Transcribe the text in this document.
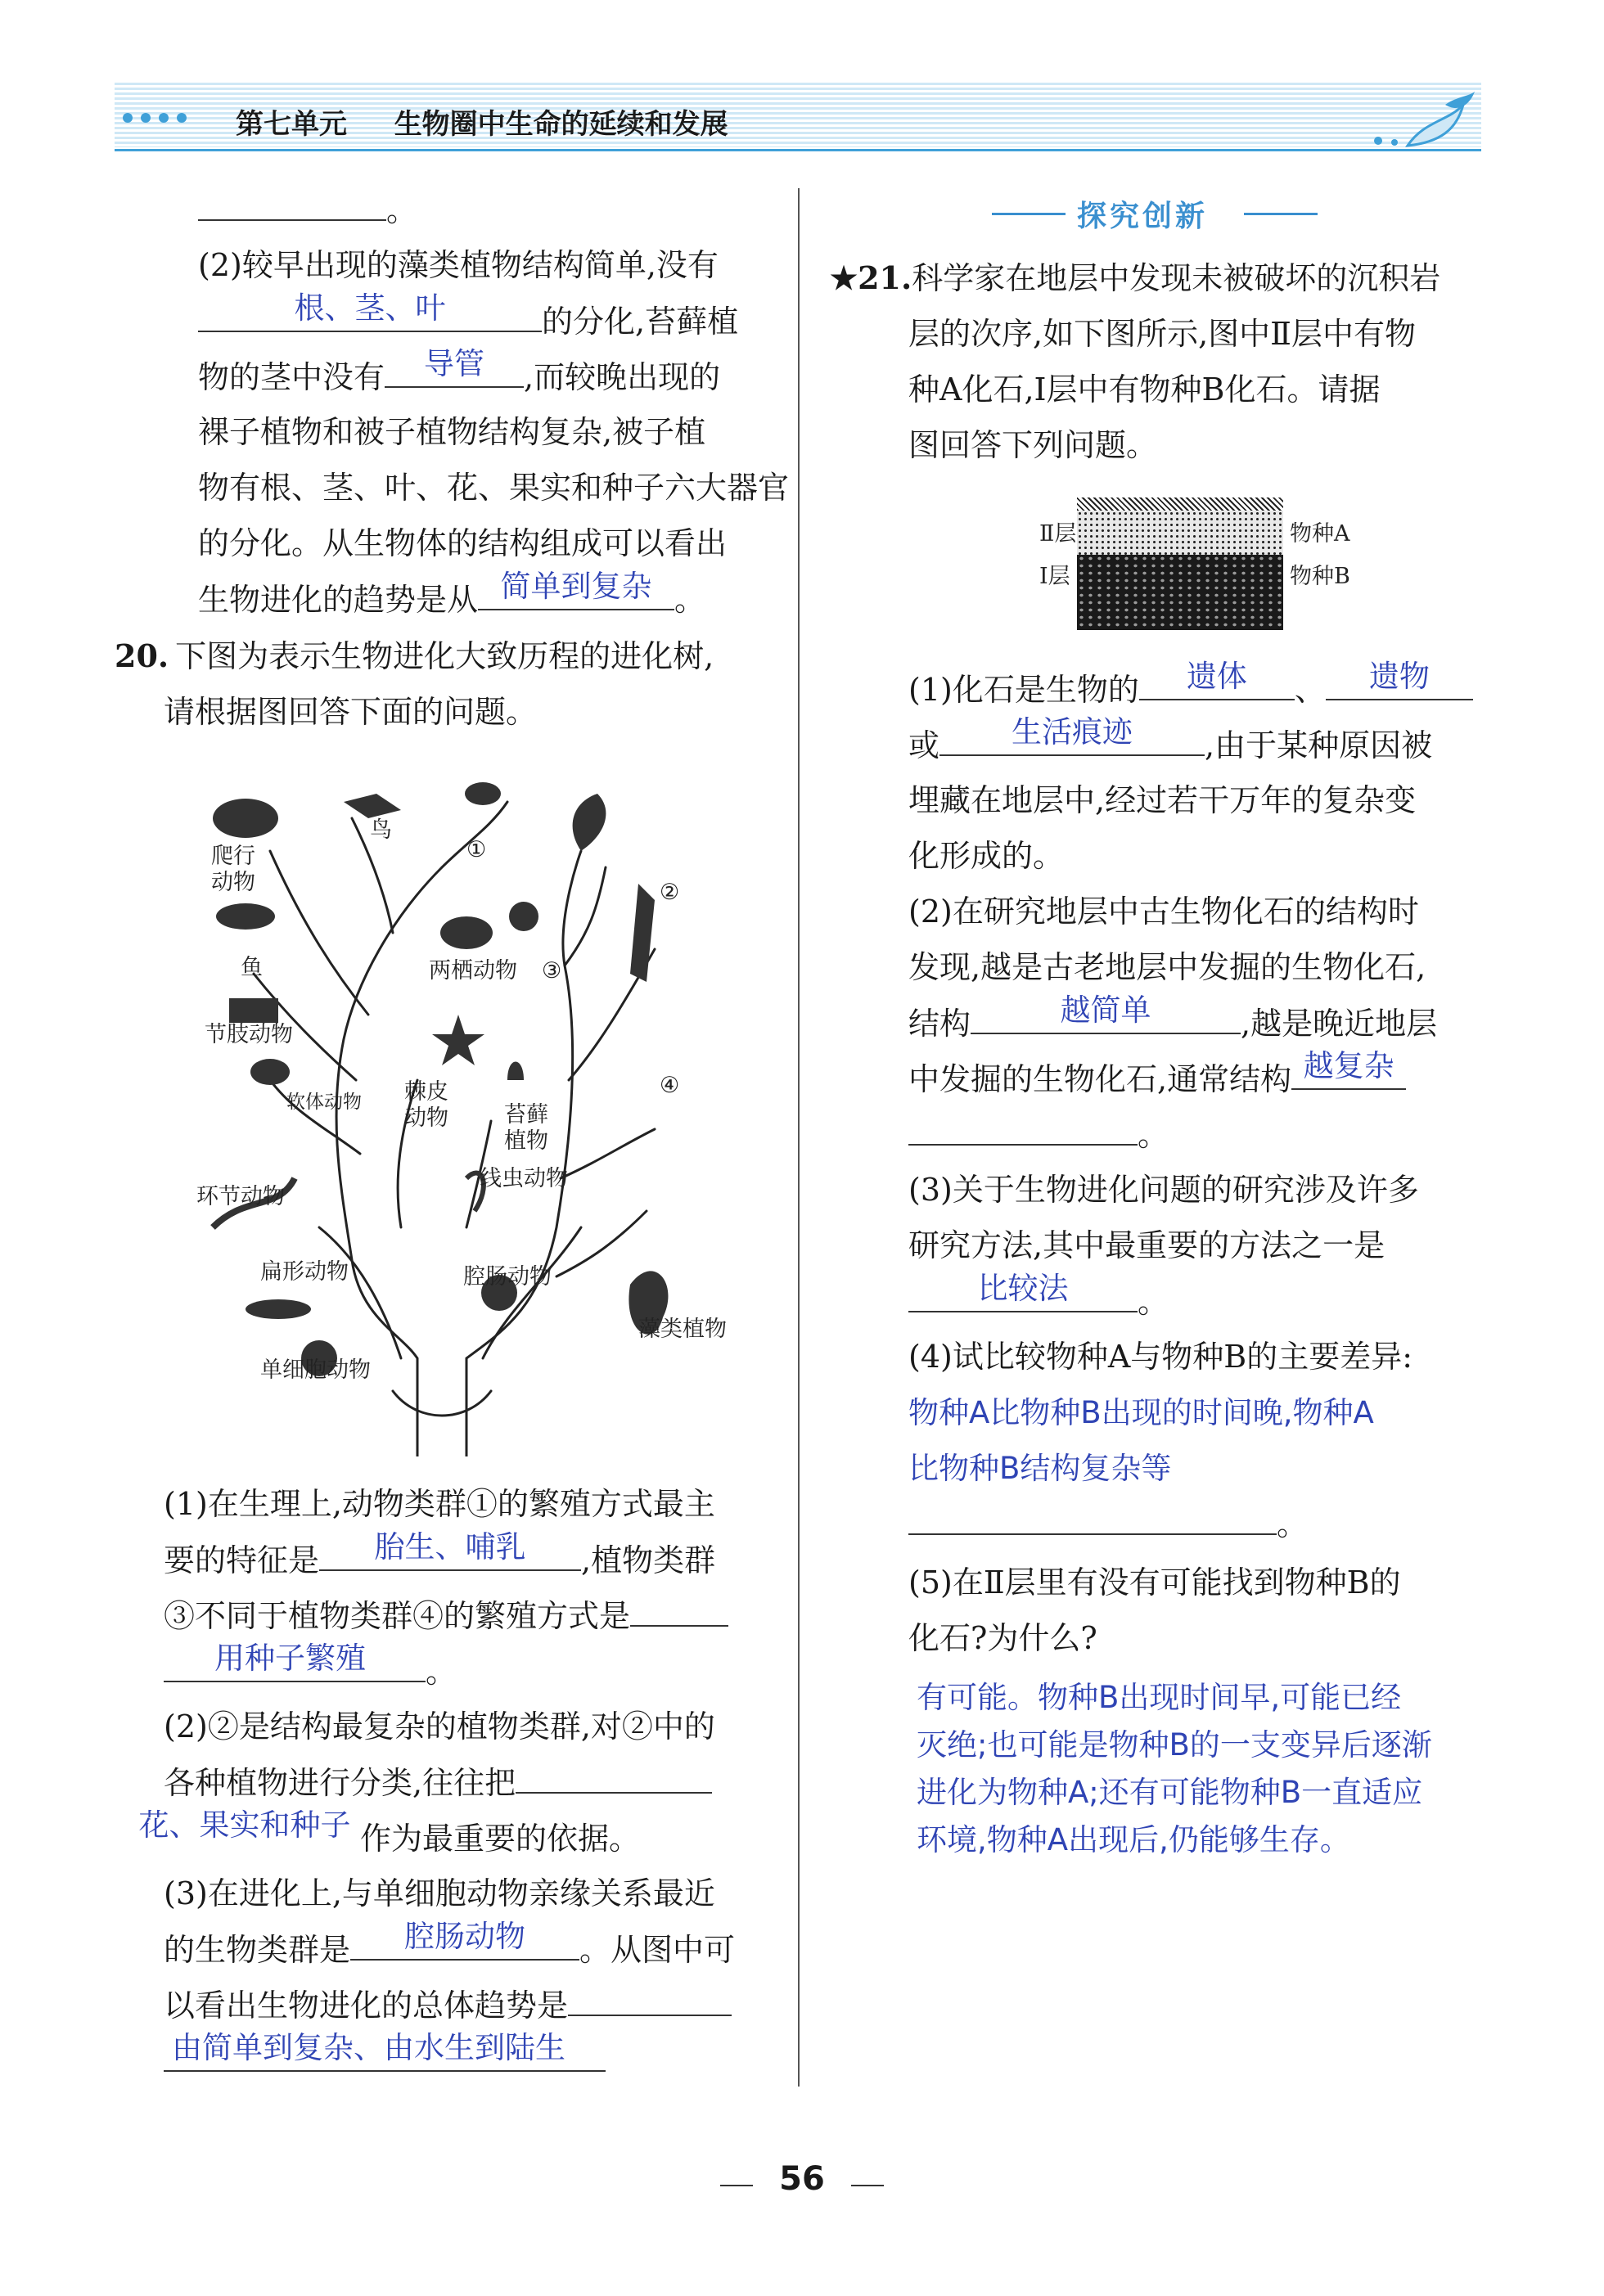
第七单元 生物圈中生命的延续和发展
。
(2)较早出现的藻类植物结构简单,没有
根、茎、叶	的分化,苔藓植
物的茎中没有	导管	,而较晚出现的
裸子植物和被子植物结构复杂,被子植
物有根、茎、叶、花、果实和种子六大器官
的分化。从生物体的结构组成可以看出
生物进化的趋势是从 简单到复杂 。
20. 下图为表示生物进化大致历程的进化树,
请根据图回答下面的问题。
爬行
动物
鸟
①
②
鱼	两栖动物 ③
节肢动物
④
软体动物 棘皮
动物	苔藓
植物
环节动物
线虫动物
扁形动物	腔肠动物
藻类植物
单细胞动物
(1)在生理上,动物类群①的繁殖方式最主
要的特征是	胎生、哺乳	,植物类群
③不同于植物类群④的繁殖方式是
用种子繁殖	。
(2)②是结构最复杂的植物类群,对②中的
各种植物进行分类,往往把
花、果实和种子 作为最重要的依据。
(3)在进化上,与单细胞动物亲缘关系最近
的生物类群是	腔肠动物	。从图中可
以看出生物进化的总体趋势是
由简单到复杂、由水生到陆生
探究创新
★21.科学家在地层中发现未被破坏的沉积岩
层的次序,如下图所示,图中Ⅱ层中有物
种A化石,Ⅰ层中有物种B化石。请据
图回答下列问题。
Ⅱ层
Ⅰ层
物种A
物种B
(1)化石是生物的	遗体	、	遗物
或	生活痕迹	,由于某种原因被
埋藏在地层中,经过若干万年的复杂变
化形成的。
(2)在研究地层中古生物化石的结构时
发现,越是古老地层中发掘的生物化石,
结构	越简单	,越是晚近地层
中发掘的生物化石,通常结构 越复杂
。
(3)关于生物进化问题的研究涉及许多
研究方法,其中最重要的方法之一是
比较法	。
(4)试比较物种A与物种B的主要差异:
物种A比物种B出现的时间晚,物种A
比物种B结构复杂等
。
(5)在Ⅱ层里有没有可能找到物种B的
化石?为什么?
有可能。物种B出现时间早,可能已经
灭绝;也可能是物种B的一支变异后逐渐
进化为物种A;还有可能物种B一直适应
环境,物种A出现后,仍能够生存。
56
